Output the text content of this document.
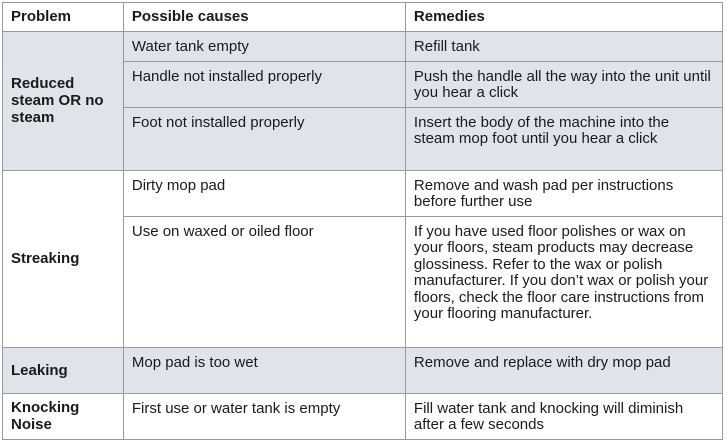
Problem	Possible causes	Remedies
Reduced steam OR no steam	Water tank empty	Refill tank
	Handle not installed properly	Push the handle all the way into the unit until you hear a click
	Foot not installed properly	Insert the body of the machine into the steam mop foot until you hear a click
Streaking	Dirty mop pad	Remove and wash pad per instructions before further use
	Use on waxed or oiled floor	If you have used floor polishes or wax on your floors, steam products may decrease glossiness. Refer to the wax or polish manufacturer. If you don’t wax or polish your floors, check the floor care instructions from your flooring manufacturer.
Leaking	Mop pad is too wet	Remove and replace with dry mop pad
Knocking Noise	First use or water tank is empty	Fill water tank and knocking will diminish after a few seconds
